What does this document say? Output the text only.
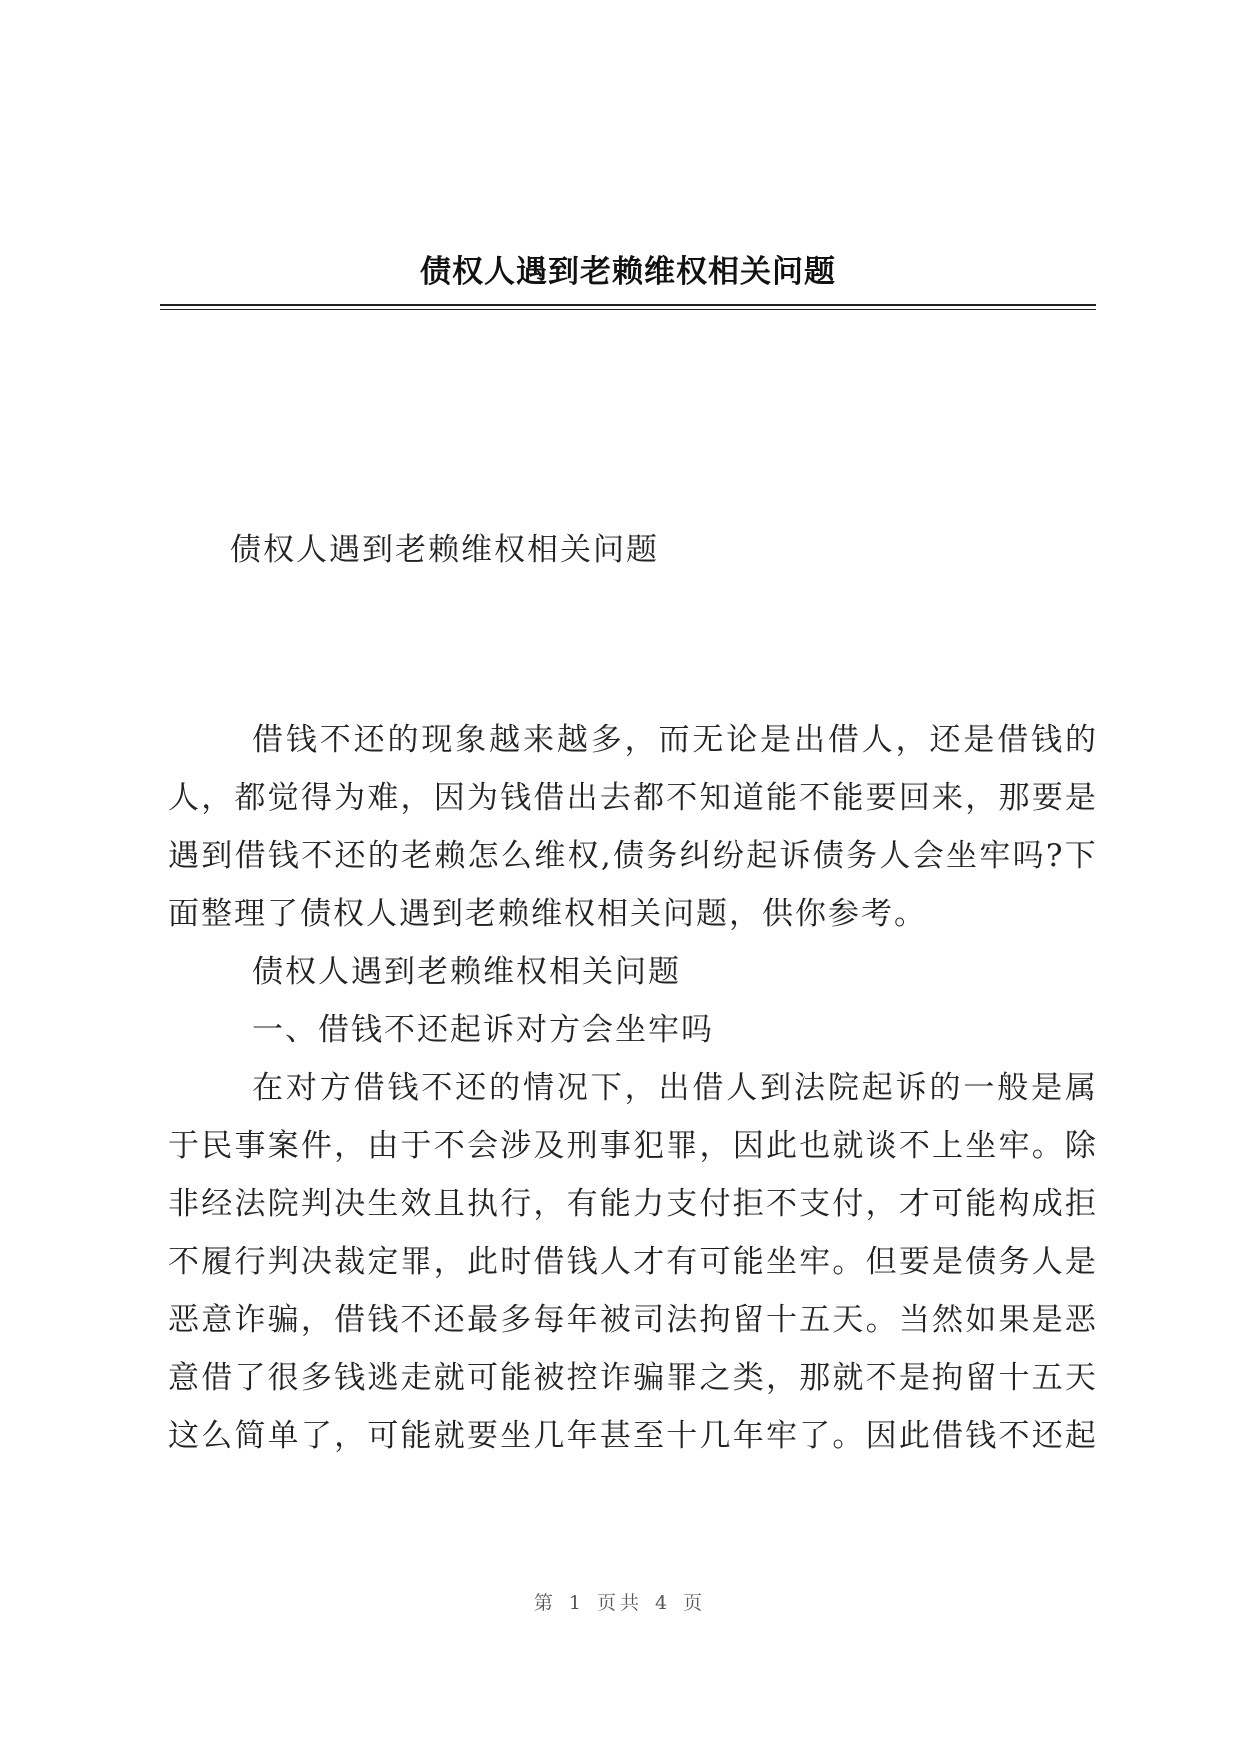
债权人遇到老赖维权相关问题
债权人遇到老赖维权相关问题
借 钱 不 还 的 现 象 越 来 越 多 ， 而 无 论 是 出 借 人 ， 还 是 借 钱 的
人 ， 都 觉 得 为 难 ， 因 为 钱 借 出 去 都 不 知 道 能 不 能 要 回 来 ， 那 要 是
遇 到 借 钱 不 还 的 老 赖 怎 么 维 权 , 债 务 纠 纷 起 诉 债 务 人 会 坐 牢 吗 ? 下
面整理了债权人遇到老赖维权相关问题，供你参考。
债权人遇到老赖维权相关问题
一、借钱不还起诉对方会坐牢吗
在 对 方 借 钱 不 还 的 情 况 下 ， 出 借 人 到 法 院 起 诉 的 一 般 是 属
于 民 事 案 件 ， 由 于 不 会 涉 及 刑 事 犯 罪 ， 因 此 也 就 谈 不 上 坐 牢 。 除
非 经 法 院 判 决 生 效 且 执 行 ， 有 能 力 支 付 拒 不 支 付 ， 才 可 能 构 成 拒
不 履 行 判 决 裁 定 罪 ， 此 时 借 钱 人 才 有 可 能 坐 牢 。 但 要 是 债 务 人 是
恶 意 诈 骗 ， 借 钱 不 还 最 多 每 年 被 司 法 拘 留 十 五 天 。 当 然 如 果 是 恶
意 借 了 很 多 钱 逃 走 就 可 能 被 控 诈 骗 罪 之 类 ， 那 就 不 是 拘 留 十 五 天
这 么 简 单 了 ， 可 能 就 要 坐 几 年 甚 至 十 几 年 牢 了 。 因 此 借 钱 不 还 起
第 1 页共 4 页
